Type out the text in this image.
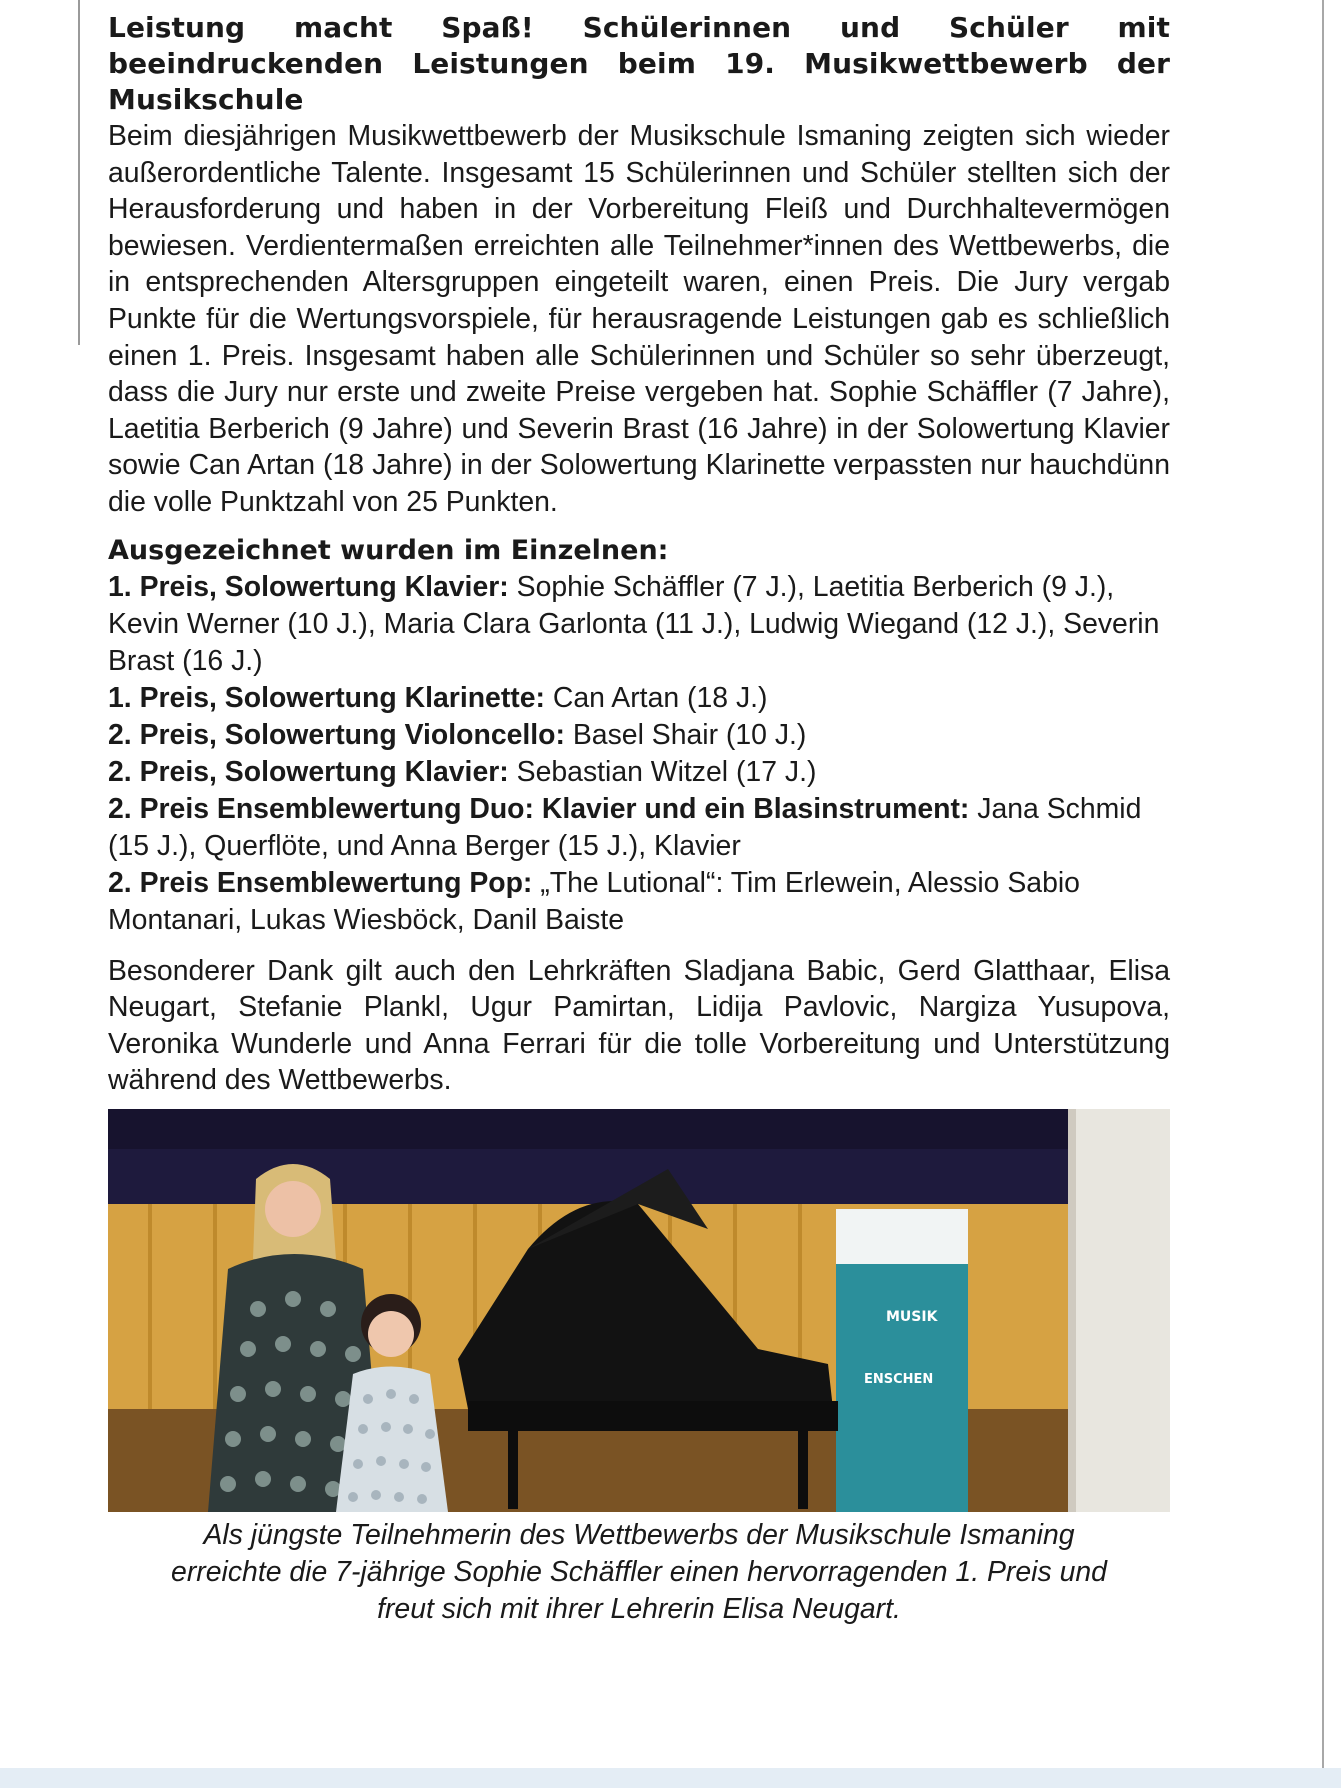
Leistung macht Spaß! Schülerinnen und Schüler mit beeindruckenden Leistungen beim 19. Musikwettbewerb der Musikschule

Beim diesjährigen Musikwettbewerb der Musikschule Ismaning zeigten sich wieder außerordentliche Talente. Insgesamt 15 Schülerinnen und Schüler stellten sich der Herausforderung und haben in der Vorbereitung Fleiß und Durchhaltevermögen bewiesen. Verdientermaßen erreichten alle Teilnehmer*innen des Wettbewerbs, die in entsprechenden Altersgruppen eingeteilt waren, einen Preis. Die Jury vergab Punkte für die Wertungsvorspiele, für herausragende Leistungen gab es schließlich einen 1. Preis. Insgesamt haben alle Schülerinnen und Schüler so sehr überzeugt, dass die Jury nur erste und zweite Preise vergeben hat. Sophie Schäffler (7 Jahre), Laetitia Berberich (9 Jahre) und Severin Brast (16 Jahre) in der Solowertung Klavier sowie Can Artan (18 Jahre) in der Solowertung Klarinette verpassten nur hauchdünn die volle Punktzahl von 25 Punkten.

Ausgezeichnet wurden im Einzelnen:
1. Preis, Solowertung Klavier: Sophie Schäffler (7 J.), Laetitia Berberich (9 J.), Kevin Werner (10 J.), Maria Clara Garlonta (11 J.), Ludwig Wiegand (12 J.), Severin Brast (16 J.)
1. Preis, Solowertung Klarinette: Can Artan (18 J.)
2. Preis, Solowertung Violoncello: Basel Shair (10 J.)
2. Preis, Solowertung Klavier: Sebastian Witzel (17 J.)
2. Preis Ensemblewertung Duo: Klavier und ein Blasinstrument: Jana Schmid (15 J.), Querflöte, und Anna Berger (15 J.), Klavier
2. Preis Ensemblewertung Pop: „The Lutional“: Tim Erlewein, Alessio Sabio Montanari, Lukas Wiesböck, Danil Baiste

Besonderer Dank gilt auch den Lehrkräften Sladjana Babic, Gerd Glatthaar, Elisa Neugart, Stefanie Plankl, Ugur Pamirtan, Lidija Pavlovic, Nargiza Yusupova, Veronika Wunderle und Anna Ferrari für die tolle Vorbereitung und Unterstützung während des Wettbewerbs.

MUSIK
ENSCHEN

Als jüngste Teilnehmerin des Wettbewerbs der Musikschule Ismaning
erreichte die 7-jährige Sophie Schäffler einen hervorragenden 1. Preis und
freut sich mit ihrer Lehrerin Elisa Neugart.
